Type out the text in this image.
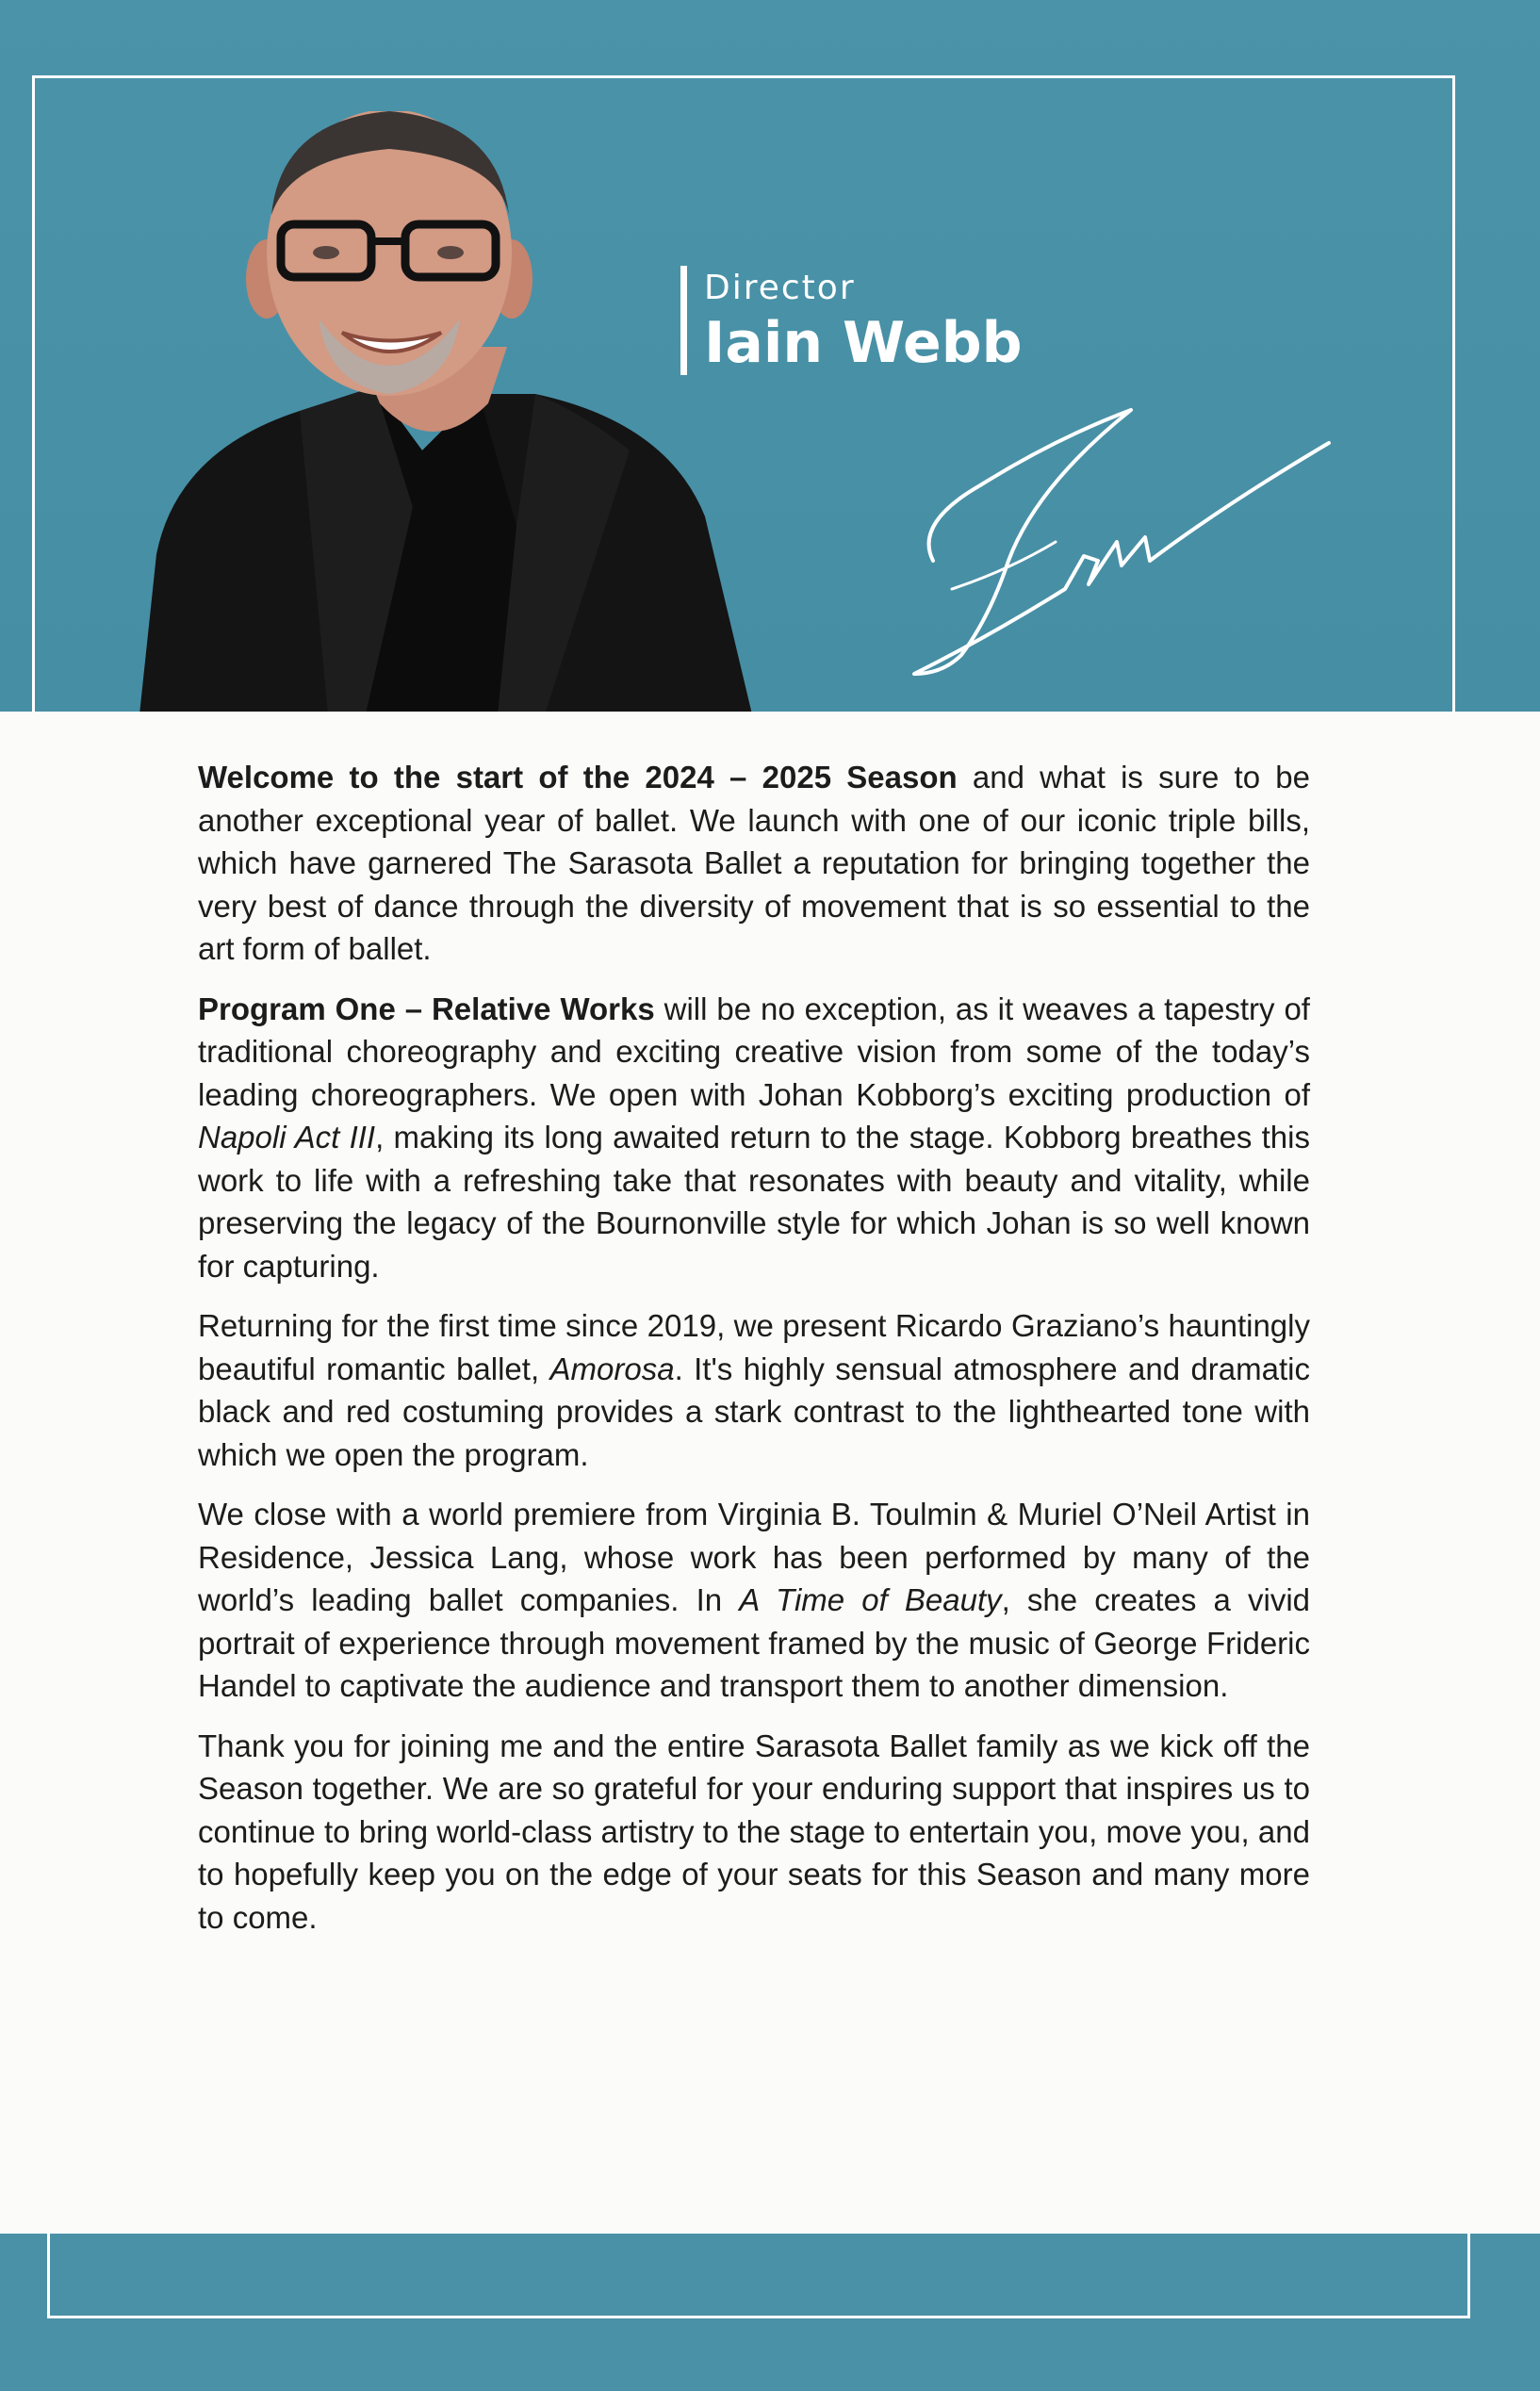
Director
Iain Webb

Welcome to the start of the 2024 – 2025 Season and what is sure to be another exceptional year of ballet. We launch with one of our iconic triple bills, which have garnered The Sarasota Ballet a reputation for bringing together the very best of dance through the diversity of movement that is so essential to the art form of ballet.

Program One – Relative Works will be no exception, as it weaves a tapestry of traditional choreography and exciting creative vision from some of the today’s leading choreographers. We open with Johan Kobborg’s exciting production of Napoli Act III, making its long awaited return to the stage. Kobborg breathes this work to life with a refreshing take that resonates with beauty and vitality, while preserving the legacy of the Bournonville style for which Johan is so well known for capturing.

Returning for the first time since 2019, we present Ricardo Graziano’s hauntingly beautiful romantic ballet, Amorosa. It's highly sensual atmosphere and dramatic black and red costuming provides a stark contrast to the lighthearted tone with which we open the program.

We close with a world premiere from Virginia B. Toulmin & Muriel O’Neil Artist in Residence, Jessica Lang, whose work has been performed by many of the world’s leading ballet companies. In A Time of Beauty, she creates a vivid portrait of experience through movement framed by the music of George Frideric Handel to captivate the audience and transport them to another dimension.

Thank you for joining me and the entire Sarasota Ballet family as we kick off the Season together. We are so grateful for your enduring support that inspires us to continue to bring world-class artistry to the stage to entertain you, move you, and to hopefully keep you on the edge of your seats for this Season and many more to come.
